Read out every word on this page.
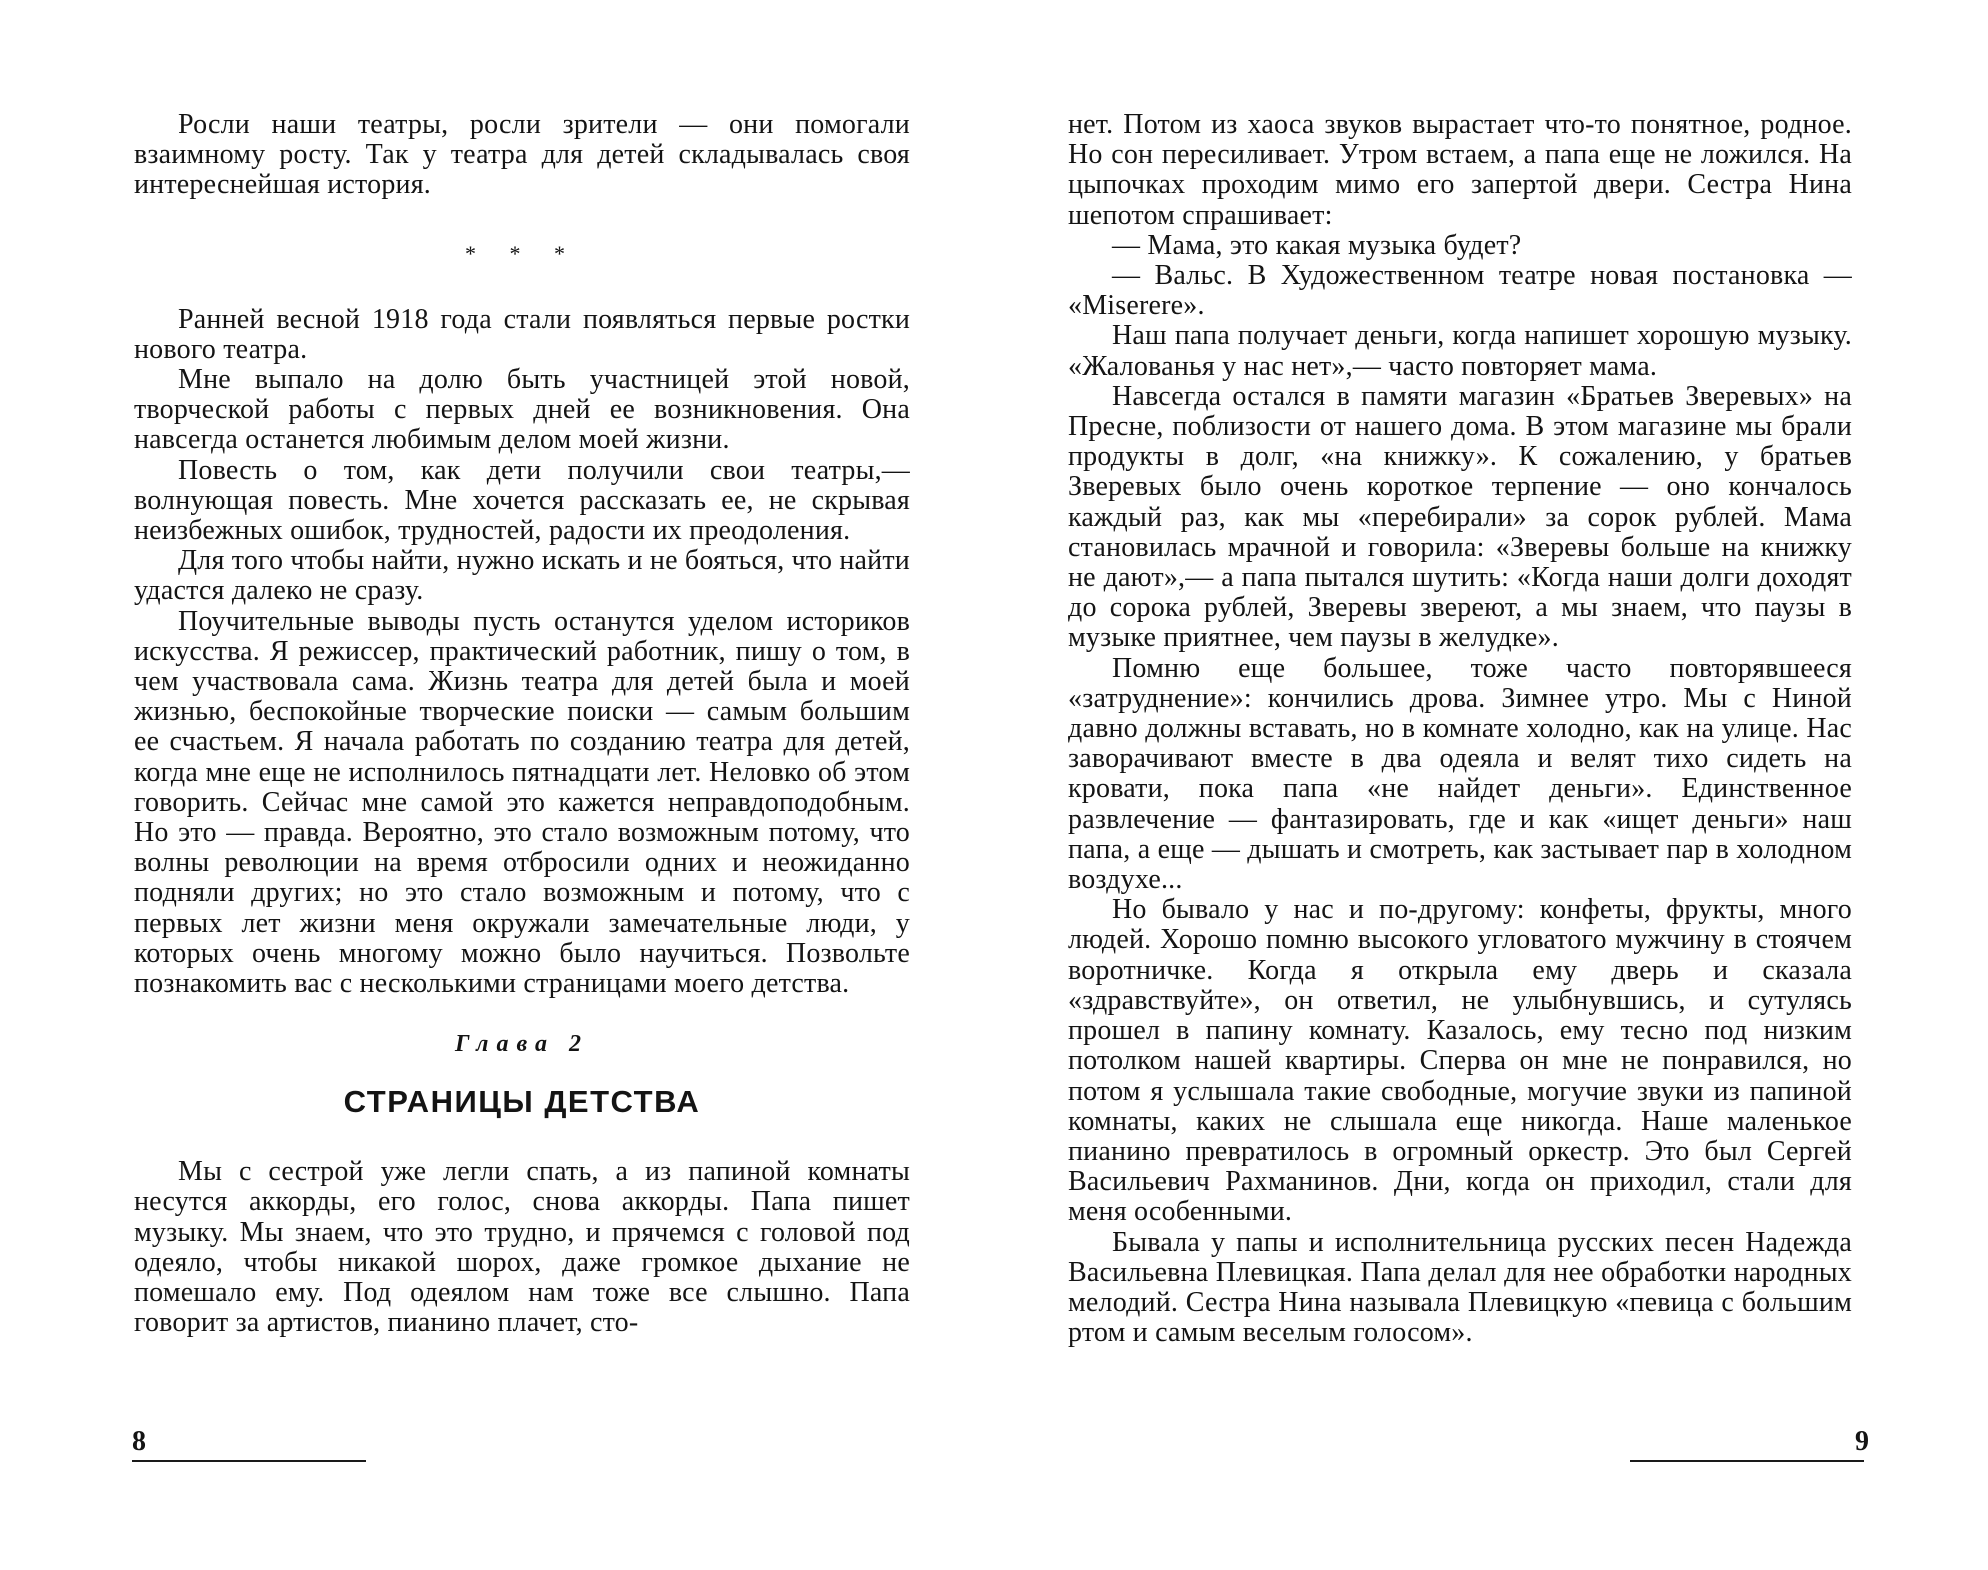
Росли наши театры, росли зрители — они помогали взаимному росту. Так у театра для детей складывалась своя интереснейшая история.

* * *

Ранней весной 1918 года стали появляться первые ростки нового театра.

Мне выпало на долю быть участницей этой новой, творческой работы с первых дней ее возникновения. Она навсегда останется любимым делом моей жизни.

Повесть о том, как дети получили свои театры,— волнующая повесть. Мне хочется рассказать ее, не скрывая неизбежных ошибок, трудностей, радости их преодоления.

Для того чтобы найти, нужно искать и не бояться, что найти удастся далеко не сразу.

Поучительные выводы пусть останутся уделом историков искусства. Я режиссер, практический работник, пишу о том, в чем участвовала сама. Жизнь театра для детей была и моей жизнью, беспокойные творческие поиски — самым большим ее счастьем. Я начала работать по созданию театра для детей, когда мне еще не исполнилось пятнадцати лет. Неловко об этом говорить. Сейчас мне самой это кажется неправдоподобным. Но это — правда. Вероятно, это стало возможным потому, что волны революции на время отбросили одних и неожиданно подняли других; но это стало возможным и потому, что с первых лет жизни меня окружали замечательные люди, у которых очень многому можно было научиться. Позвольте познакомить вас с несколькими страницами моего детства.

Глава 2
СТРАНИЦЫ ДЕТСТВА

Мы с сестрой уже легли спать, а из папиной комнаты несутся аккорды, его голос, снова аккорды. Папа пишет музыку. Мы знаем, что это трудно, и прячемся с головой под одеяло, чтобы никакой шорох, даже громкое дыхание не помешало ему. Под одеялом нам тоже все слышно. Папа говорит за артистов, пианино плачет, сто-

8

нет. Потом из хаоса звуков вырастает что-то понятное, родное. Но сон пересиливает. Утром встаем, а папа еще не ложился. На цыпочках проходим мимо его запертой двери. Сестра Нина шепотом спрашивает:

— Мама, это какая музыка будет?

— Вальс. В Художественном театре новая постановка — «Miserere».

Наш папа получает деньги, когда напишет хорошую музыку. «Жалованья у нас нет»,— часто повторяет мама.

Навсегда остался в памяти магазин «Братьев Зверевых» на Пресне, поблизости от нашего дома. В этом магазине мы брали продукты в долг, «на книжку». К сожалению, у братьев Зверевых было очень короткое терпение — оно кончалось каждый раз, как мы «перебирали» за сорок рублей. Мама становилась мрачной и говорила: «Зверевы больше на книжку не дают»,— а папа пытался шутить: «Когда наши долги доходят до сорока рублей, Зверевы звереют, а мы знаем, что паузы в музыке приятнее, чем паузы в желудке».

Помню еще большее, тоже часто повторявшееся «затруднение»: кончились дрова. Зимнее утро. Мы с Ниной давно должны вставать, но в комнате холодно, как на улице. Нас заворачивают вместе в два одеяла и велят тихо сидеть на кровати, пока папа «не найдет деньги». Единственное развлечение — фантазировать, где и как «ищет деньги» наш папа, а еще — дышать и смотреть, как застывает пар в холодном воздухе...

Но бывало у нас и по-другому: конфеты, фрукты, много людей. Хорошо помню высокого угловатого мужчину в стоячем воротничке. Когда я открыла ему дверь и сказала «здравствуйте», он ответил, не улыбнувшись, и сутулясь прошел в папину комнату. Казалось, ему тесно под низким потолком нашей квартиры. Сперва он мне не понравился, но потом я услышала такие свободные, могучие звуки из папиной комнаты, каких не слышала еще никогда. Наше маленькое пианино превратилось в огромный оркестр. Это был Сергей Васильевич Рахманинов. Дни, когда он приходил, стали для меня особенными.

Бывала у папы и исполнительница русских песен Надежда Васильевна Плевицкая. Папа делал для нее обработки народных мелодий. Сестра Нина называла Плевицкую «певица с большим ртом и самым веселым голосом».

9
